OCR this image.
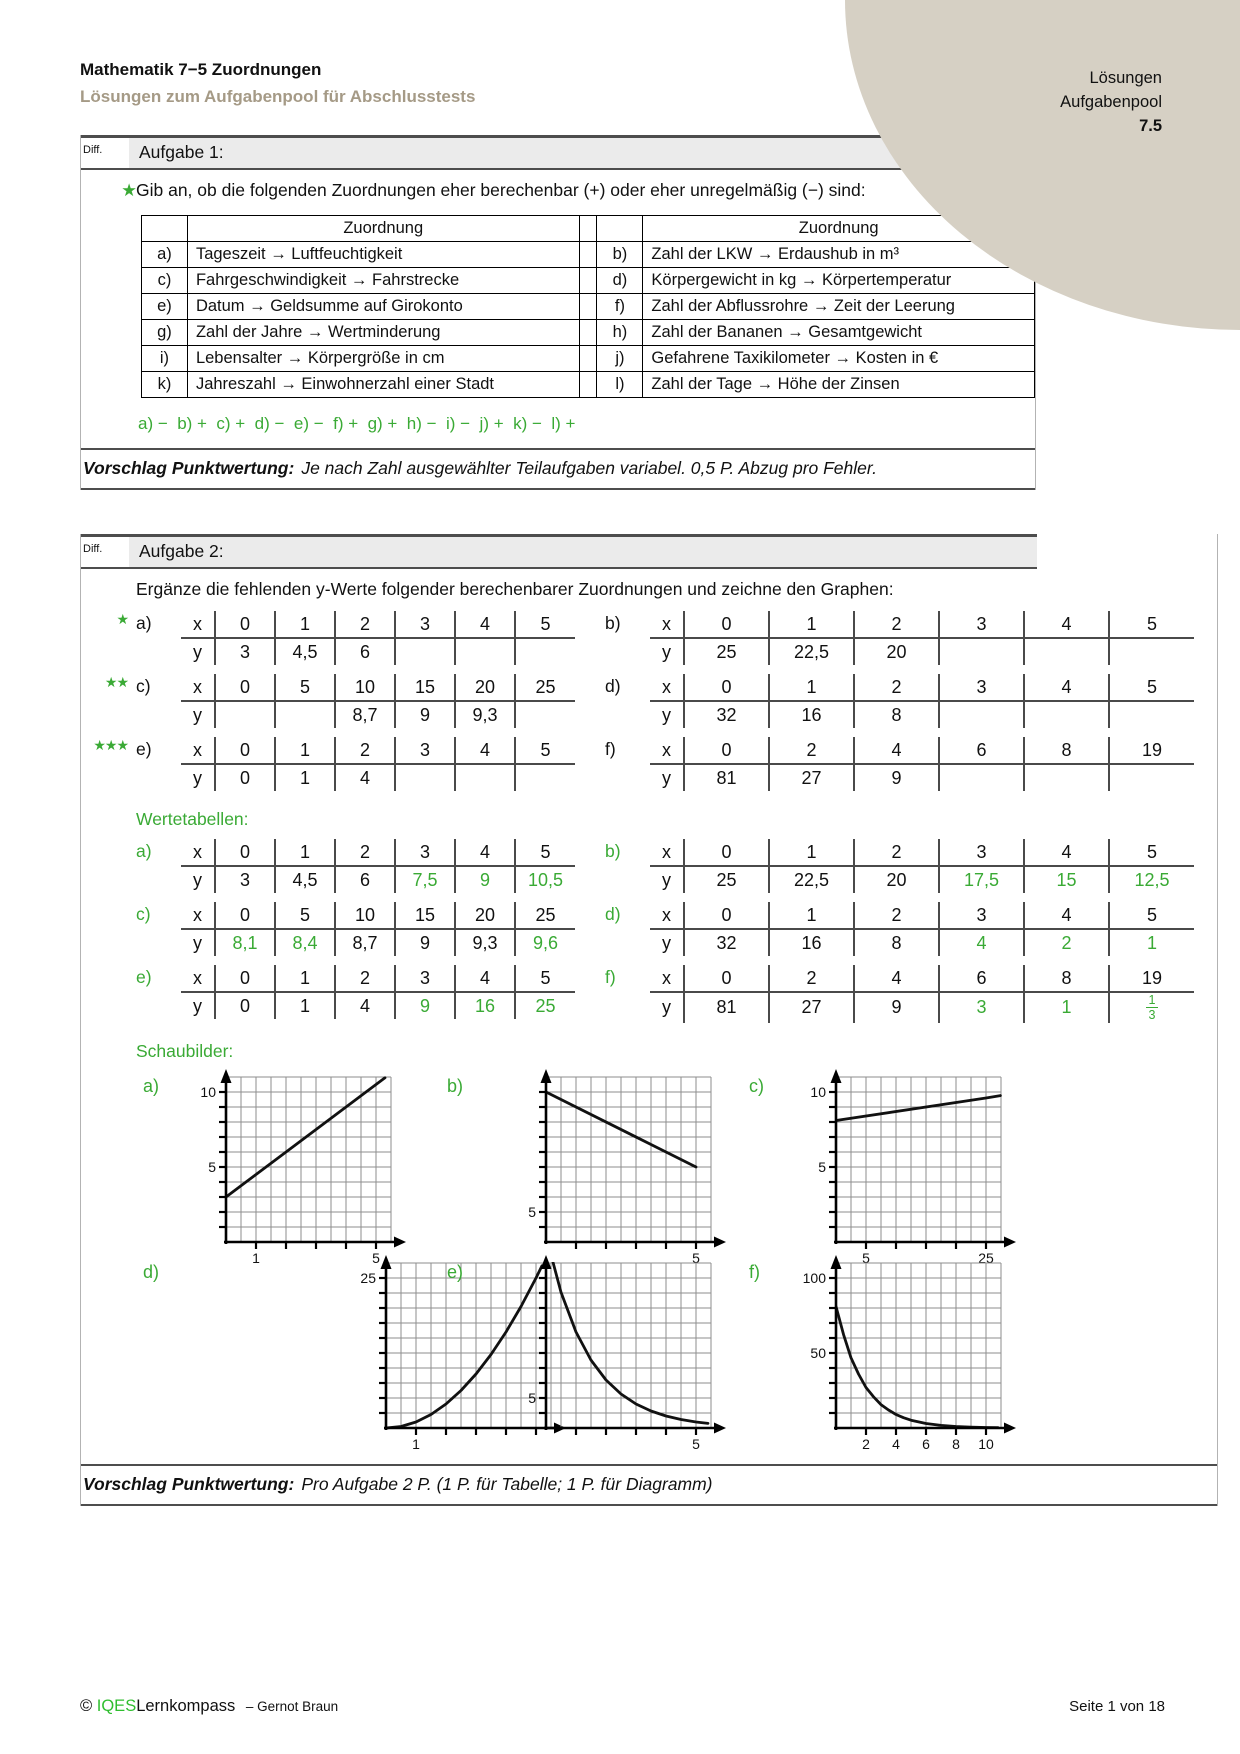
Mathematik 7−5 Zuordnungen
Lösungen zum Aufgabenpool für Abschlusstests
Lösungen
Aufgabenpool
7.5
Diff.	Aufgabe 1:
★ Gib an, ob die folgenden Zuordnungen eher berechenbar (+) oder eher unregelmäßig (−) sind:
	Zuordnung			Zuordnung
a)	Tageszeit → Luftfeuchtigkeit		b)	Zahl der LKW → Erdaushub in m³
c)	Fahrgeschwindigkeit → Fahrstrecke		d)	Körpergewicht in kg → Körpertemperatur
e)	Datum → Geldsumme auf Girokonto		f)	Zahl der Abflussrohre → Zeit der Leerung
g)	Zahl der Jahre → Wertminderung		h)	Zahl der Bananen → Gesamtgewicht
i)	Lebensalter → Körpergröße in cm		j)	Gefahrene Taxikilometer → Kosten in €
k)	Jahreszahl → Einwohnerzahl einer Stadt		l)	Zahl der Tage → Höhe der Zinsen
a) −  b) +  c) +  d) −  e) −  f) +  g) +  h) −  i) −  j) +  k) −  l) +
Vorschlag Punktwertung: Je nach Zahl ausgewählter Teilaufgaben variabel. 0,5 P. Abzug pro Fehler.
Diff.	Aufgabe 2:
Ergänze die fehlenden y-Werte folgender berechenbarer Zuordnungen und zeichne den Graphen:
★ a)	x	0	1	2	3	4	5
y	3	4,5	6			
b)	x	0	1	2	3	4	5
y	25	22,5	20			
★★ c)	x	0	5	10	15	20	25
y			8,7	9	9,3	
d)	x	0	1	2	3	4	5
y	32	16	8			
★★★ e)	x	0	1	2	3	4	5
y	0	1	4			
f)	x	0	2	4	6	8	19
y	81	27	9			
Wertetabellen:
a)	x	0	1	2	3	4	5
y	3	4,5	6	7,5	9	10,5
b)	x	0	1	2	3	4	5
y	25	22,5	20	17,5	15	12,5
c)	x	0	5	10	15	20	25
y	8,1	8,4	8,7	9	9,3	9,6
d)	x	0	1	2	3	4	5
y	32	16	8	4	2	1
e)	x	0	1	2	3	4	5
y	0	1	4	9	16	25
f)	x	0	2	4	6	8	19
y	81	27	9	3	1	$\frac{1}{3}$
Schaubilder:
a)
5
10
1	5
b)
5
5
c)
5
10
5	25
d)	25
1
e)
5
5
f)
50
100
2 4 6 8 10
Vorschlag Punktwertung: Pro Aufgabe 2 P. (1 P. für Tabelle; 1 P. für Diagramm)
© IQESLernkompass – Gernot Braun	Seite 1 von 18
